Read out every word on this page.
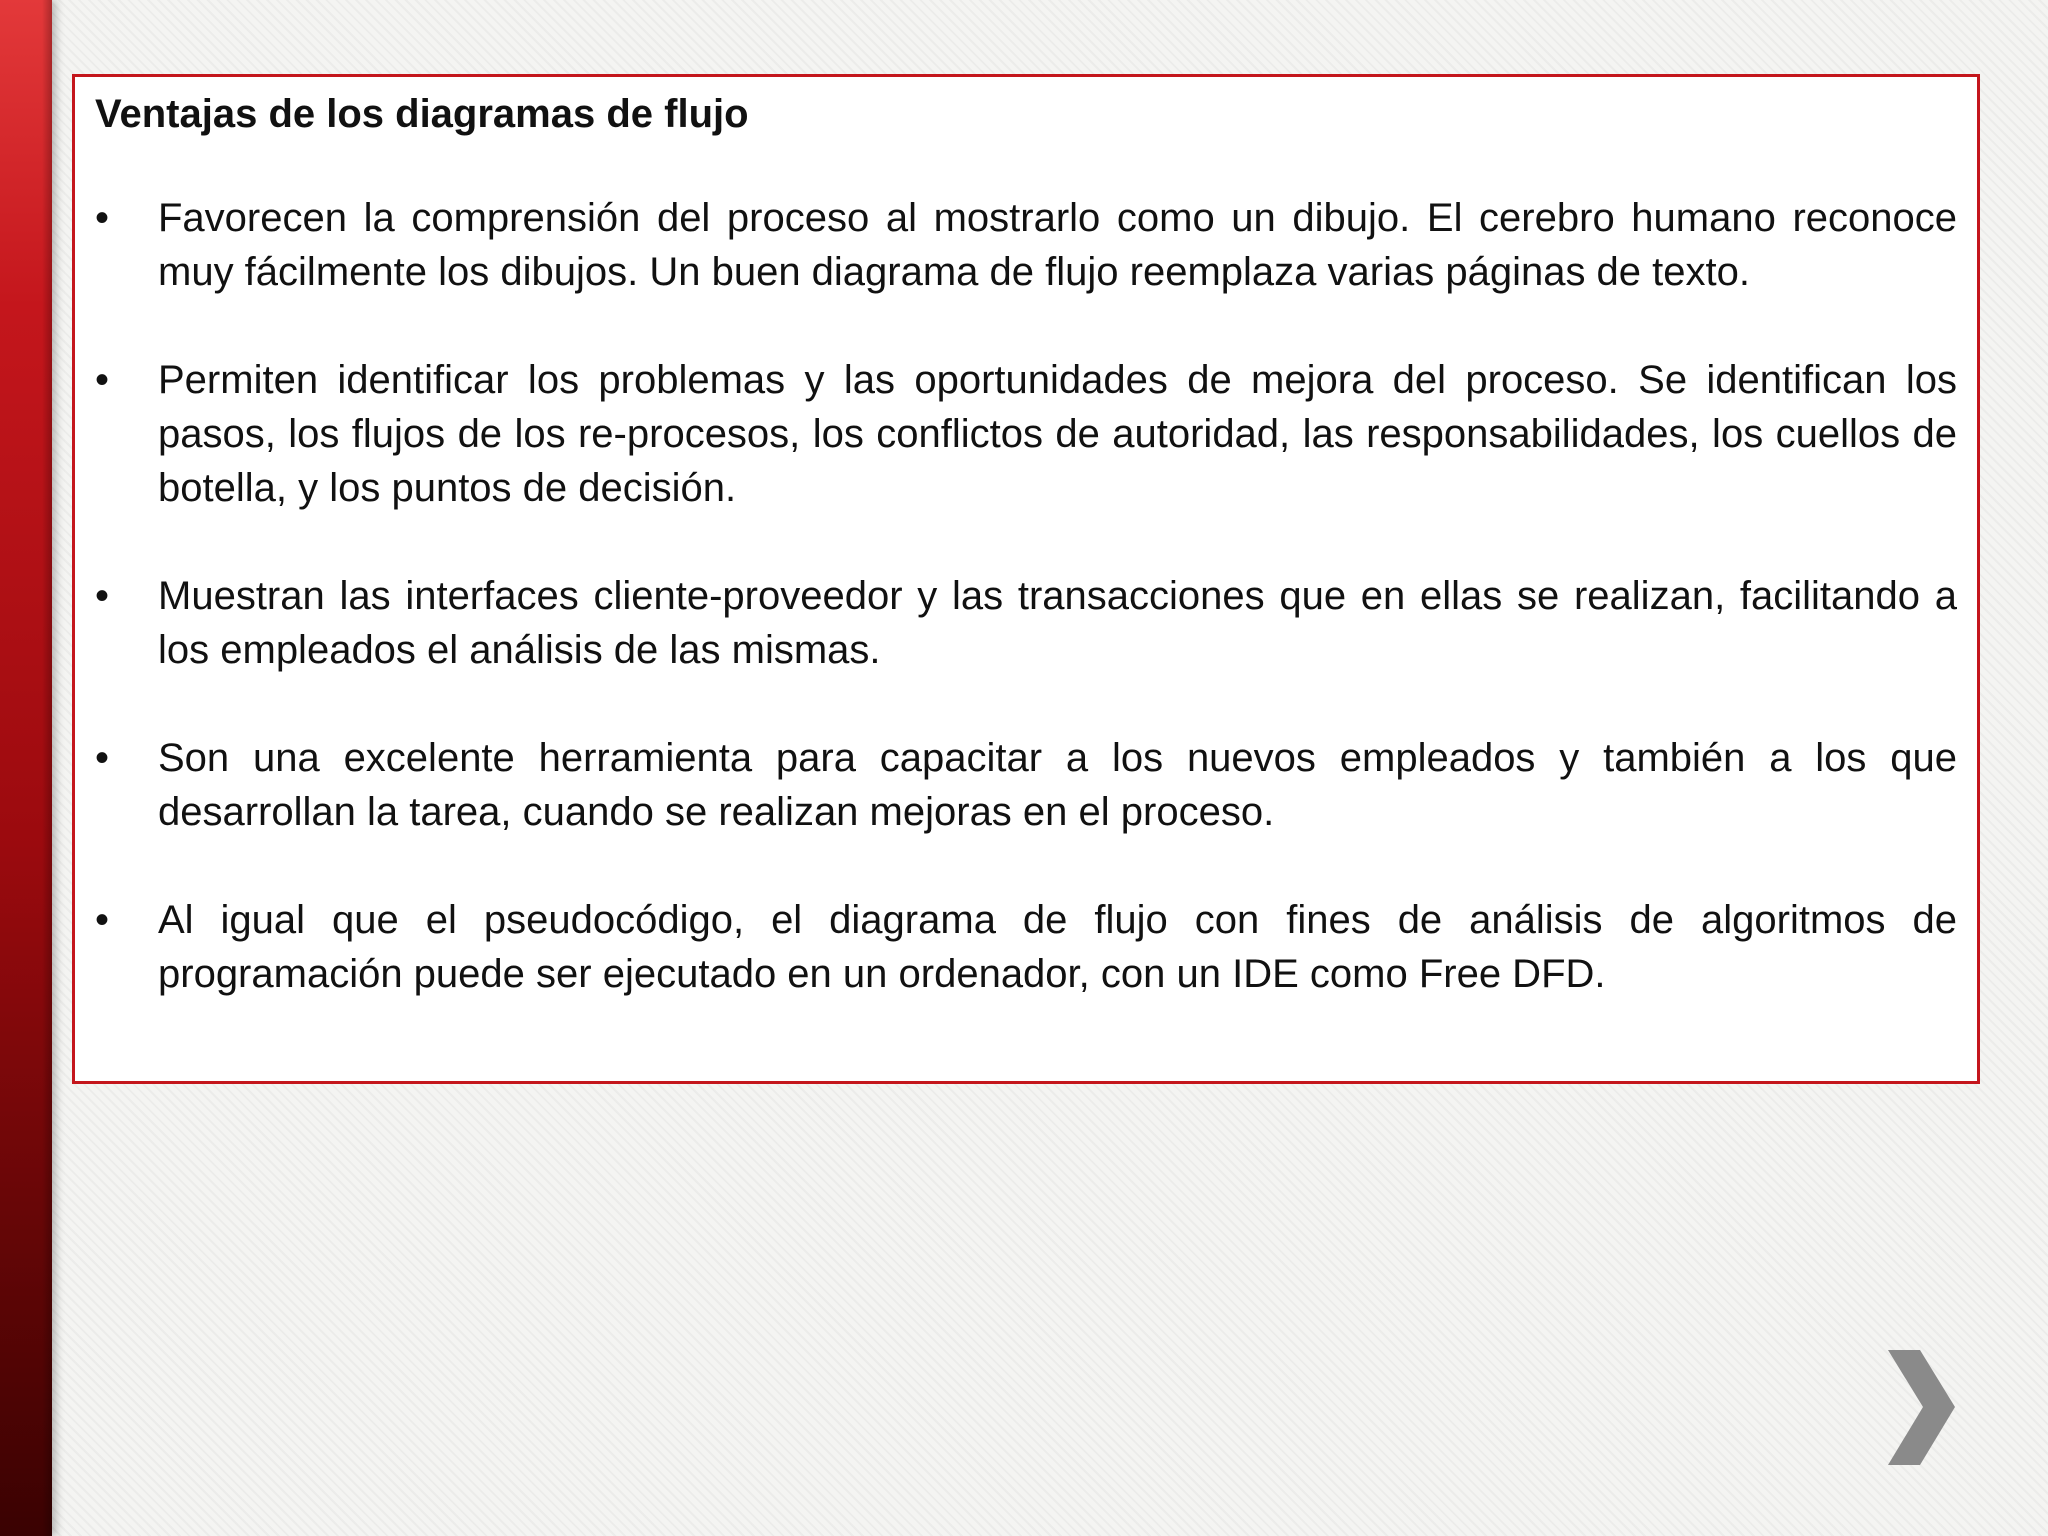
Ventajas de los diagramas de flujo
•	Favorecen la comprensión del proceso al mostrarlo como un dibujo. El cerebro humano reconoce muy fácilmente los dibujos. Un buen diagrama de flujo reemplaza varias páginas de texto.
•	Permiten identificar los problemas y las oportunidades de mejora del proceso. Se identifican los pasos, los flujos de los re-procesos, los conflictos de autoridad, las responsabilidades, los cuellos de botella, y los puntos de decisión.
•	Muestran las interfaces cliente-proveedor y las transacciones que en ellas se realizan, facilitando a los empleados el análisis de las mismas.
•	Son una excelente herramienta para capacitar a los nuevos empleados y también a los que desarrollan la tarea, cuando se realizan mejoras en el proceso.
•	Al igual que el pseudocódigo, el diagrama de flujo con fines de análisis de algoritmos de programación puede ser ejecutado en un ordenador, con un IDE como Free DFD.
